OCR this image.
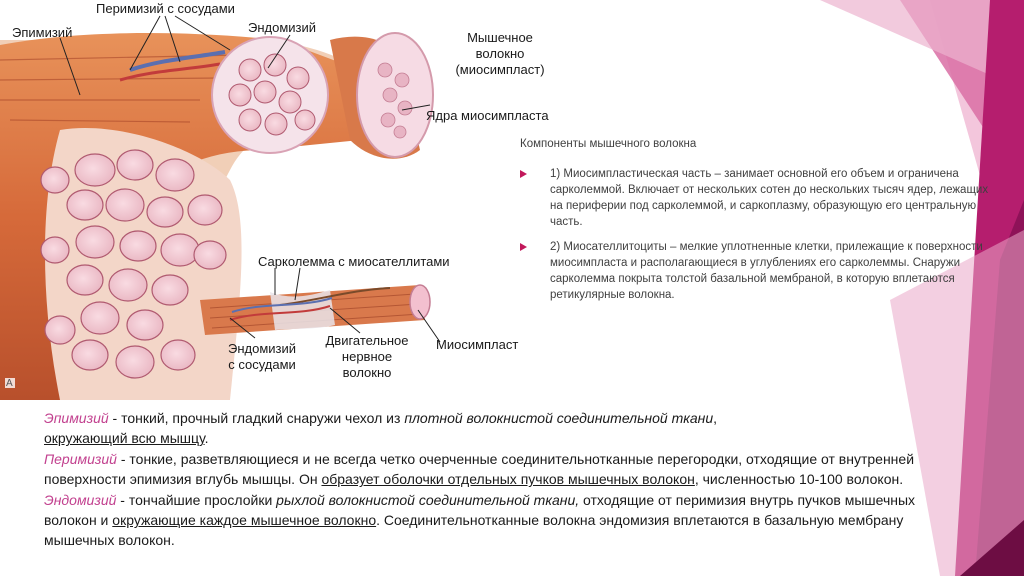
Эпимизий
Перимизий с сосудами
Эндомизий
Мышечное
волокно
(миосимпласт)
Ядра миосимпласта
Сарколемма с миосателлитами
Эндомизий
с сосудами
Двигательное
нервное
волокно
Миосимпласт
А
Компоненты мышечного волокна
1) Миосимпластическая часть – занимает основной его объем и ограничена сарколеммой. Включает от нескольких сотен до нескольких тысяч ядер, лежащих на периферии под сарколеммой, и саркоплазму, образующую его центральную часть.
2) Миосателлитоциты – мелкие уплотненные клетки, прилежащие к поверхности миосимпласта и располагающиеся в углублениях его сарколеммы. Снаружи сарколемма покрыта толстой базальной мембраной, в которую вплетаются ретикулярные волокна.

Эпимизий - тонкий, прочный гладкий снаружи чехол из плотной волокнистой соединительной ткани,
окружающий всю мышцу.

Перимизий - тонкие, разветвляющиеся и не всегда четко очерченные соединительнотканные перегородки, отходящие от внутренней поверхности эпимизия вглубь мышцы. Он образует оболочки отдельных пучков мышечных волокон, численностью 10-100 волокон.

Эндомизий - тончайшие прослойки рыхлой волокнистой соединительной ткани, отходящие от перимизия внутрь пучков мышечных волокон и окружающие каждое мышечное волокно. Соединительнотканные волокна эндомизия вплетаются в базальную мембрану мышечных волокон.
